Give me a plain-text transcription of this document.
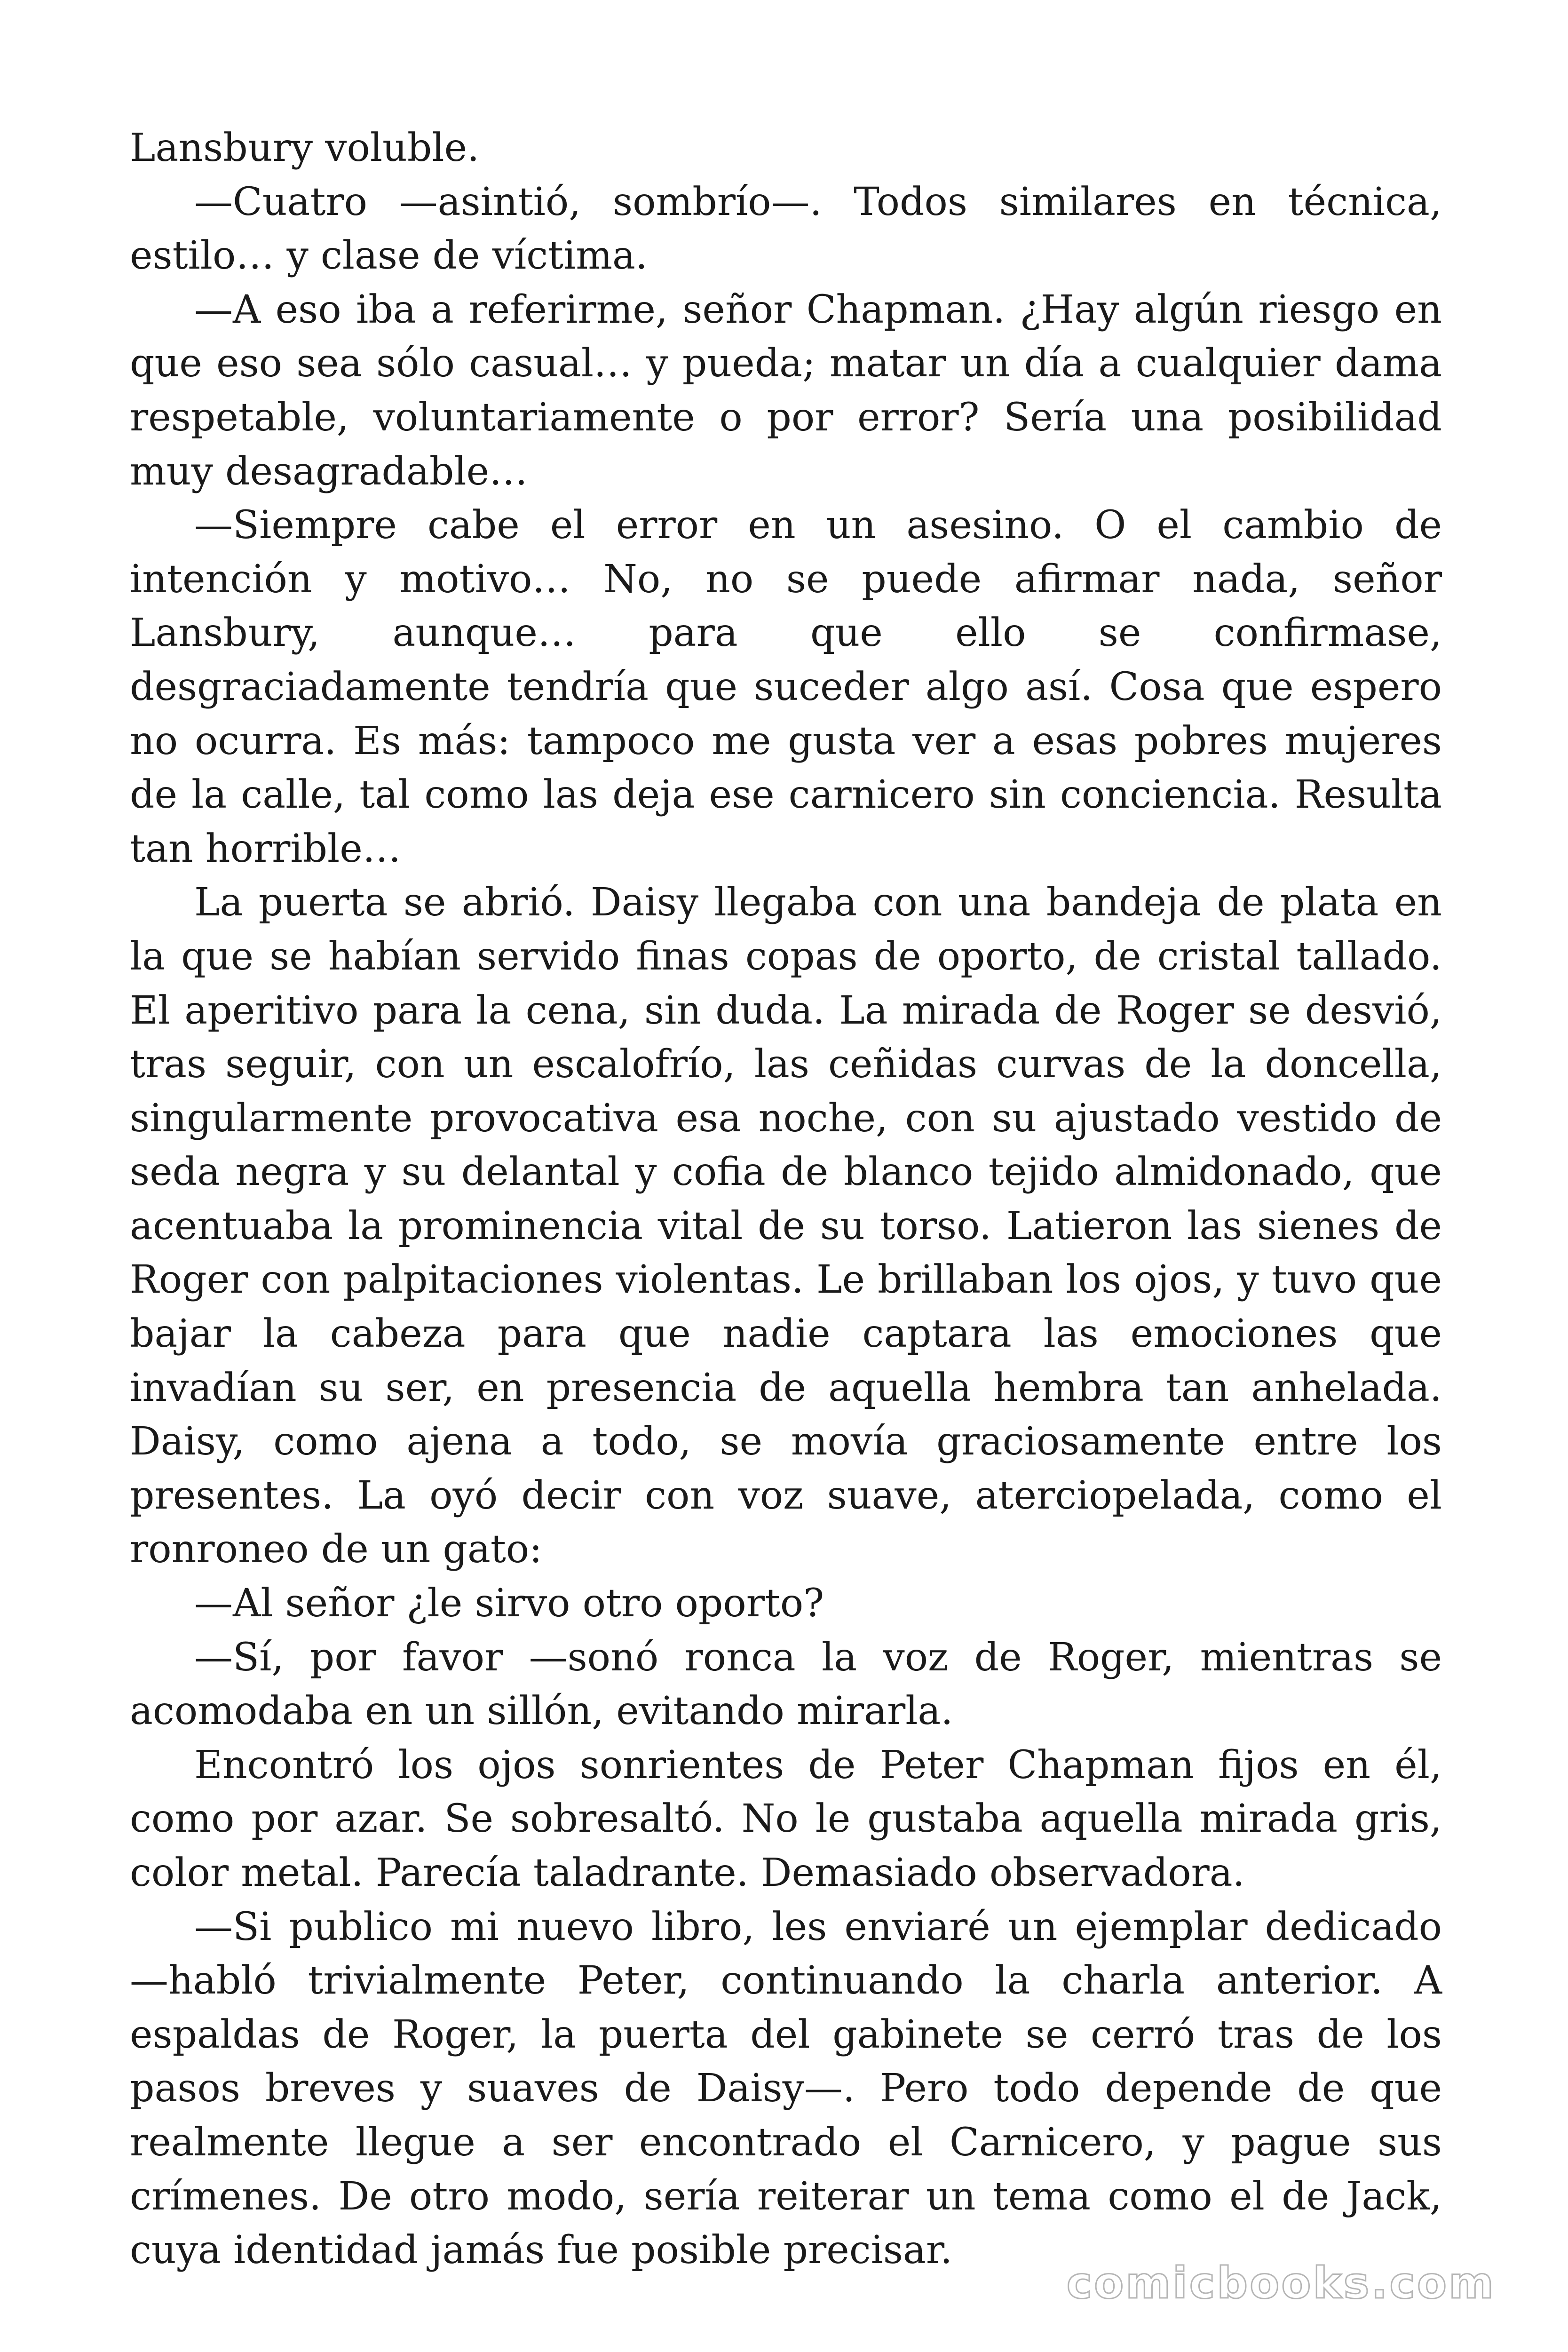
Lansbury voluble.

—Cuatro —asintió, sombrío—. Todos similares en técnica, estilo… y clase de víctima.

—A eso iba a referirme, señor Chapman. ¿Hay algún riesgo en que eso sea sólo casual… y pueda; matar un día a cualquier dama respetable, voluntariamente o por error? Sería una posibilidad muy desagradable…

—Siempre cabe el error en un asesino. O el cambio de intención y motivo… No, no se puede afirmar nada, señor Lansbury, aunque… para que ello se confirmase, desgraciadamente tendría que suceder algo así. Cosa que espero no ocurra. Es más: tampoco me gusta ver a esas pobres mujeres de la calle, tal como las deja ese carnicero sin conciencia. Resulta tan horrible…

La puerta se abrió. Daisy llegaba con una bandeja de plata en la que se habían servido finas copas de oporto, de cristal tallado. El aperitivo para la cena, sin duda. La mirada de Roger se desvió, tras seguir, con un escalofrío, las ceñidas curvas de la doncella, singularmente provocativa esa noche, con su ajustado vestido de seda negra y su delantal y cofia de blanco tejido almidonado, que acentuaba la prominencia vital de su torso. Latieron las sienes de Roger con palpitaciones violentas. Le brillaban los ojos, y tuvo que bajar la cabeza para que nadie captara las emociones que invadían su ser, en presencia de aquella hembra tan anhelada. Daisy, como ajena a todo, se movía graciosamente entre los presentes. La oyó decir con voz suave, aterciopelada, como el ronroneo de un gato:

—Al señor ¿le sirvo otro oporto?

—Sí, por favor —sonó ronca la voz de Roger, mientras se acomodaba en un sillón, evitando mirarla.

Encontró los ojos sonrientes de Peter Chapman fijos en él, como por azar. Se sobresaltó. No le gustaba aquella mirada gris, color metal. Parecía taladrante. Demasiado observadora.

—Si publico mi nuevo libro, les enviaré un ejemplar dedicado —habló trivialmente Peter, continuando la charla anterior. A espaldas de Roger, la puerta del gabinete se cerró tras de los pasos breves y suaves de Daisy—. Pero todo depende de que realmente llegue a ser encontrado el Carnicero, y pague sus crímenes. De otro modo, sería reiterar un tema como el de Jack, cuya identidad jamás fue posible precisar.

comicbooks.com
